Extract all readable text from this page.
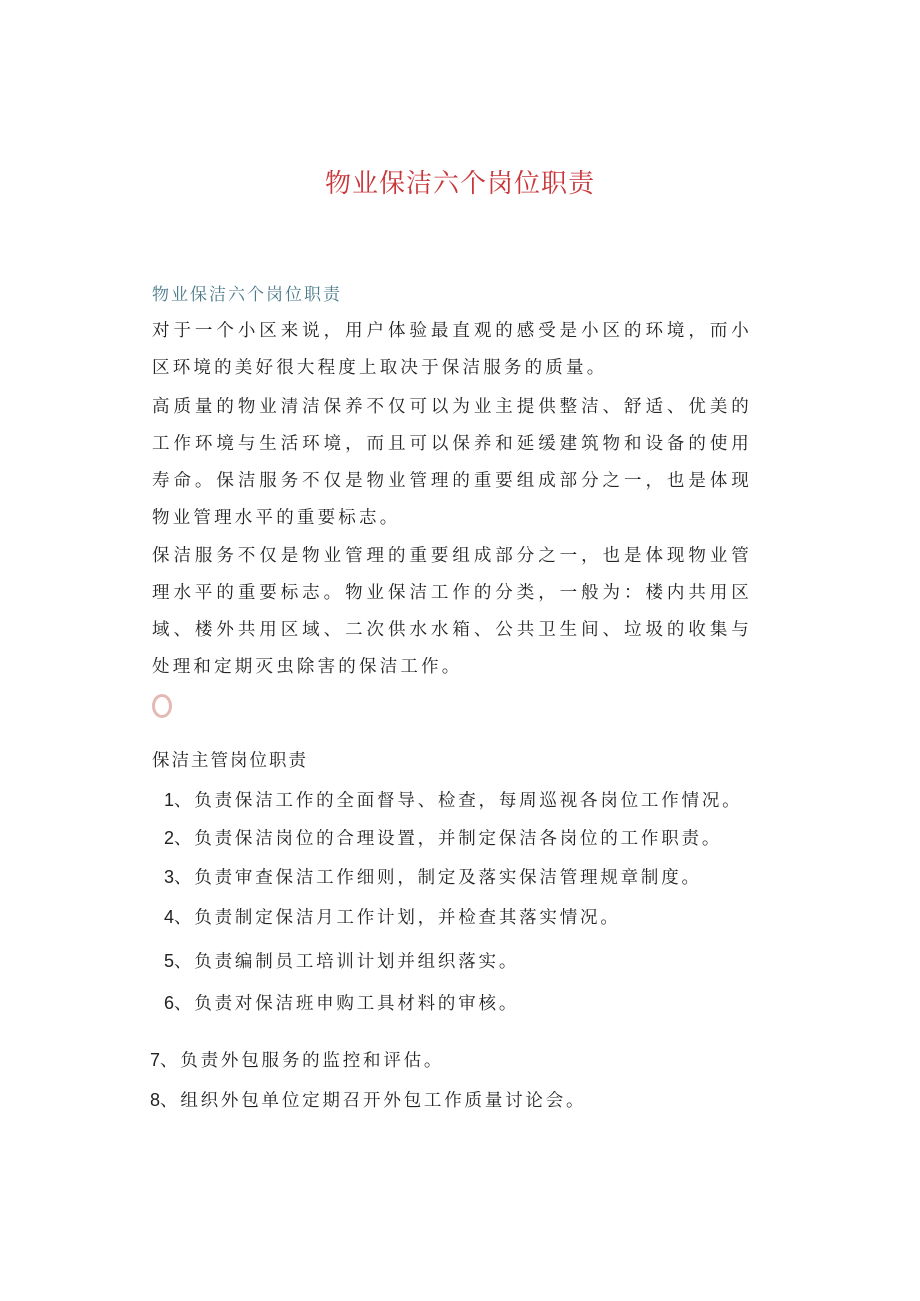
物业保洁六个岗位职责
物业保洁六个岗位职责

对于一个小区来说，用户体验最直观的感受是小区的环境，而小区环境的美好很大程度上取决于保洁服务的质量。

高质量的物业清洁保养不仅可以为业主提供整洁、舒适、优美的工作环境与生活环境，而且可以保养和延缓建筑物和设备的使用寿命。保洁服务不仅是物业管理的重要组成部分之一，也是体现物业管理水平的重要标志。

保洁服务不仅是物业管理的重要组成部分之一，也是体现物业管理水平的重要标志。物业保洁工作的分类，一般为：楼内共用区域、楼外共用区域、二次供水水箱、公共卫生间、垃圾的收集与处理和定期灭虫除害的保洁工作。

保洁主管岗位职责
1、负责保洁工作的全面督导、检查，每周巡视各岗位工作情况。
2、负责保洁岗位的合理设置，并制定保洁各岗位的工作职责。
3、负责审查保洁工作细则，制定及落实保洁管理规章制度。
4、负责制定保洁月工作计划，并检查其落实情况。
5、负责编制员工培训计划并组织落实。
6、负责对保洁班申购工具材料的审核。
7、负责外包服务的监控和评估。
8、组织外包单位定期召开外包工作质量讨论会。
